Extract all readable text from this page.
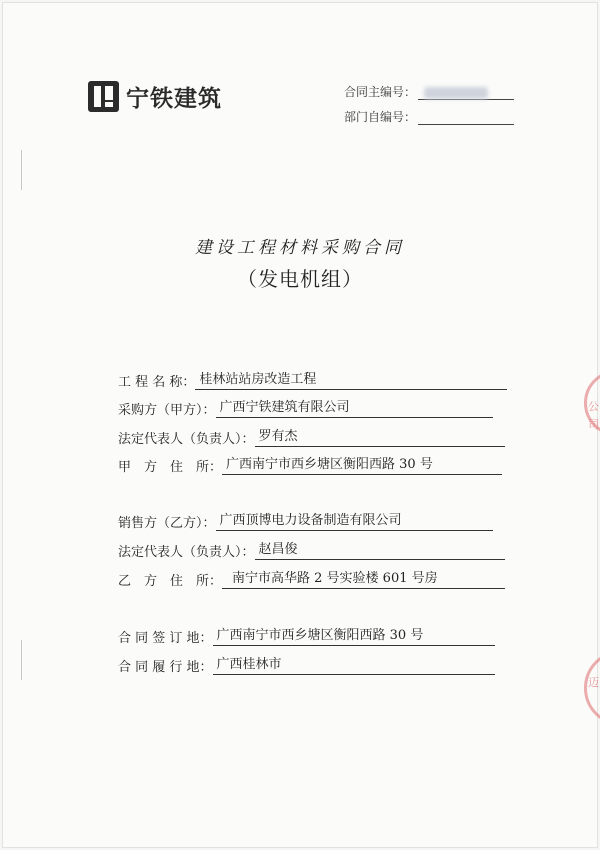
宁铁建筑	合同主编号：
部门自编号：
建设工程材料采购合同
（发电机组）
工 程 名 称： 桂林站站房改造工程
采购方（甲方）： 广西宁铁建筑有限公司
法定代表人（负责人）： 罗有杰
甲　方　住　所： 广西南宁市西乡塘区衡阳西路 30 号
销售方（乙方）： 广西顶博电力设备制造有限公司
法定代表人（负责人）： 赵昌俊
乙　方　住　所： 南宁市高华路 2 号实验楼 601 号房
合 同 签 订 地： 广西南宁市西乡塘区衡阳西路 30 号
合 同 履 行 地： 广西桂林市
公
司
迈
